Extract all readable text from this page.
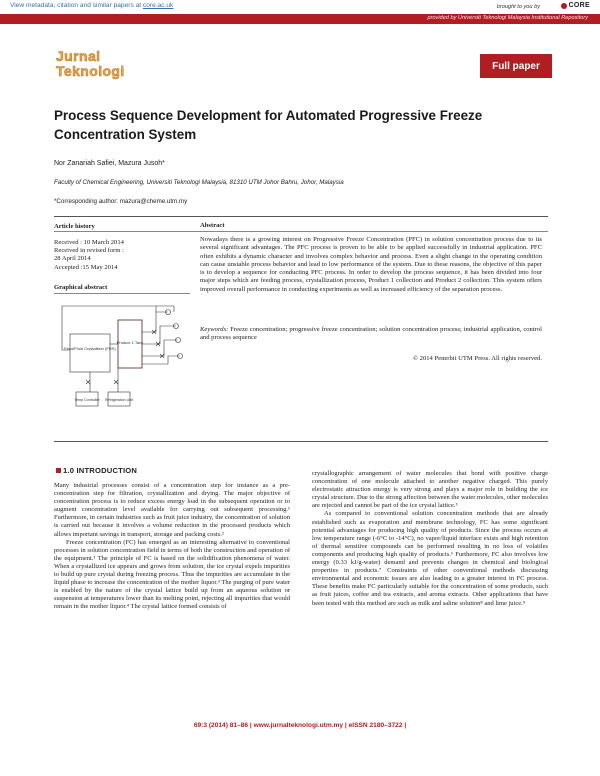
View metadata, citation and similar papers at core.ac.uk	brought to you by	CORE
provided by Universiti Teknologi Malaysia Institutional Repository
Jurnal
Teknologi	Full paper
Process Sequence Development for Automated Progressive Freeze
Concentration System
Nor Zanariah Safiei, Mazura Jusoh*
Faculty of Chemical Engineering, Universiti Teknologi Malaysia, 81310 UTM Johor Bahru, Johor, Malaysia
*Corresponding author: mazura@cheme.utm.my
Article history
Received : 10 March 2014
Received in revised form :
28 April 2014
Accepted :15 May 2014
Graphical abstract
Feed/Fluid Crystallizer (FRS)
Product 1 Tank
Temp Controller Refrigeration Unit
Abstract
Nowadays there is a growing interest on Progressive Freeze Concentration (PFC) in solution concentration process due to its several significant advantages. The PFC process is proven to be able to be applied successfully in industrial application. PFC often exhibits a dynamic character and involves complex behavior and process. Even a slight change in the operating condition can cause unstable process behavior and lead to low performance of the system. Due to these reasons, the objective of this paper is to develop a sequence for conducting PFC process. In order to develop the process sequence, it has been divided into four major steps which are feeding process, crystallization process, Product 1 collection and Product 2 collection. This system offers improved overall performance in conducting experiments as well as increased efficiency of the separation process.
Keywords: Freeze concentration; progressive freeze concentration; solution concentration process; industrial application, control and process sequence
© 2014 Penerbit UTM Press. All rights reserved.
1.0 INTRODUCTION

Many industrial processes consist of a concentration step for instance as a pre-concentration step for filtration, crystallization and drying. The major objective of concentration process is to reduce excess energy load in the subsequent operation or to augment concentration level available for carrying out subsequent processing.¹ Furthermore, in certain industries such as fruit juice industry, the concentration of solution is carried out because it involves a volume reduction in the processed products which allows important savings in transport, storage and packing costs.²

Freeze concentration (FC) has emerged as an interesting alternative to conventional processes in solution concentration field in terms of both the construction and operation of the equipment.¹ The principle of FC is based on the solidification phenomena of water. When a crystallized ice appears and grows from solution, the ice crystal expels impurities to build up pure crystal during freezing process. Thus the impurities are accumulate in the liquid phase to increase the concentration of the mother liquor.³ The purging of pure water is enabled by the nature of the crystal lattice build up from an aqueous solution or suspension at temperatures lower than its melting point, rejecting all impurities that would remain in the mother liquor.⁴ The crystal lattice formed consists of

crystallographic arrangement of water molecules that bond with positive charge concentration of one molecule attached to another negative charged. This purely electrostatic attraction energy is very strong and plays a major role in building the ice crystal structure. Due to the strong affection between the water molecules, other molecules are rejected and cannot be part of the ice crystal lattice.⁵

As compared to conventional solution concentration methods that are already established such as evaporation and membrane technology, FC has some significant potential advantages for producing high quality of products. Since the process occurs at low temperature range (-6°C to -14°C), no vapor/liquid interface exists and high retention of thermal sensitive compounds can be performed resulting in no loss of volatiles components and producing high quality of products.⁶ Furthermore, FC also involves low energy (0.33 kJ/g-water) demand and prevents changes in chemical and biological properties in products.⁷ Constraints of other conventional methods discussing environmental and economic issues are also leading to a greater interest in FC process. These benefits make FC particularly suitable for the concentration of some products, such as fruit juices, coffee and tea extracts, and aroma extracts. Other applications that have been tested with this method are such as milk and saline solution⁸ and lime juice.⁹

69:3 (2014) 81–86 | www.jurnalteknologi.utm.my | eISSN 2180–3722 |
